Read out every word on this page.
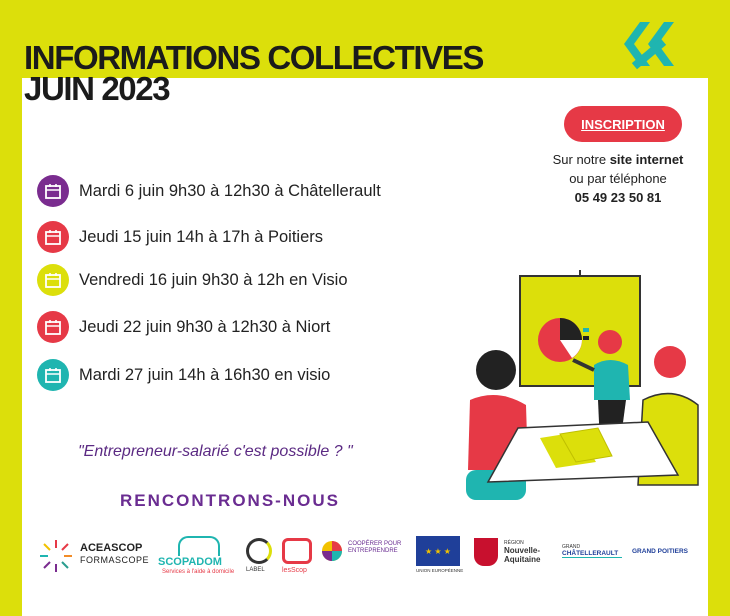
INFORMATIONS COLLECTIVES
JUIN 2023
INSCRIPTION
Sur notre site internet
ou par téléphone
05 49 23 50 81
Mardi 6 juin 9h30 à 12h30 à Châtellerault
Jeudi 15 juin 14h à 17h à Poitiers
Vendredi 16 juin 9h30 à 12h en Visio
Jeudi 22 juin 9h30 à 12h30 à Niort
Mardi 27 juin 14h à 16h30 en visio
"Entrepreneur-salarié c'est possible ? "
RENCONTRONS-NOUS
ACEASCOP
FORMASCOPE SCOPADOM
Services à l'aide à domicile LABEL	lesScop
COOPÉRER POUR ENTREPRENDRE	★ ★ ★
UNION EUROPÉENNE
RÉGION
Nouvelle-Aquitaine
GRAND
CHÂTELLERAULT	GRAND POITIERS
